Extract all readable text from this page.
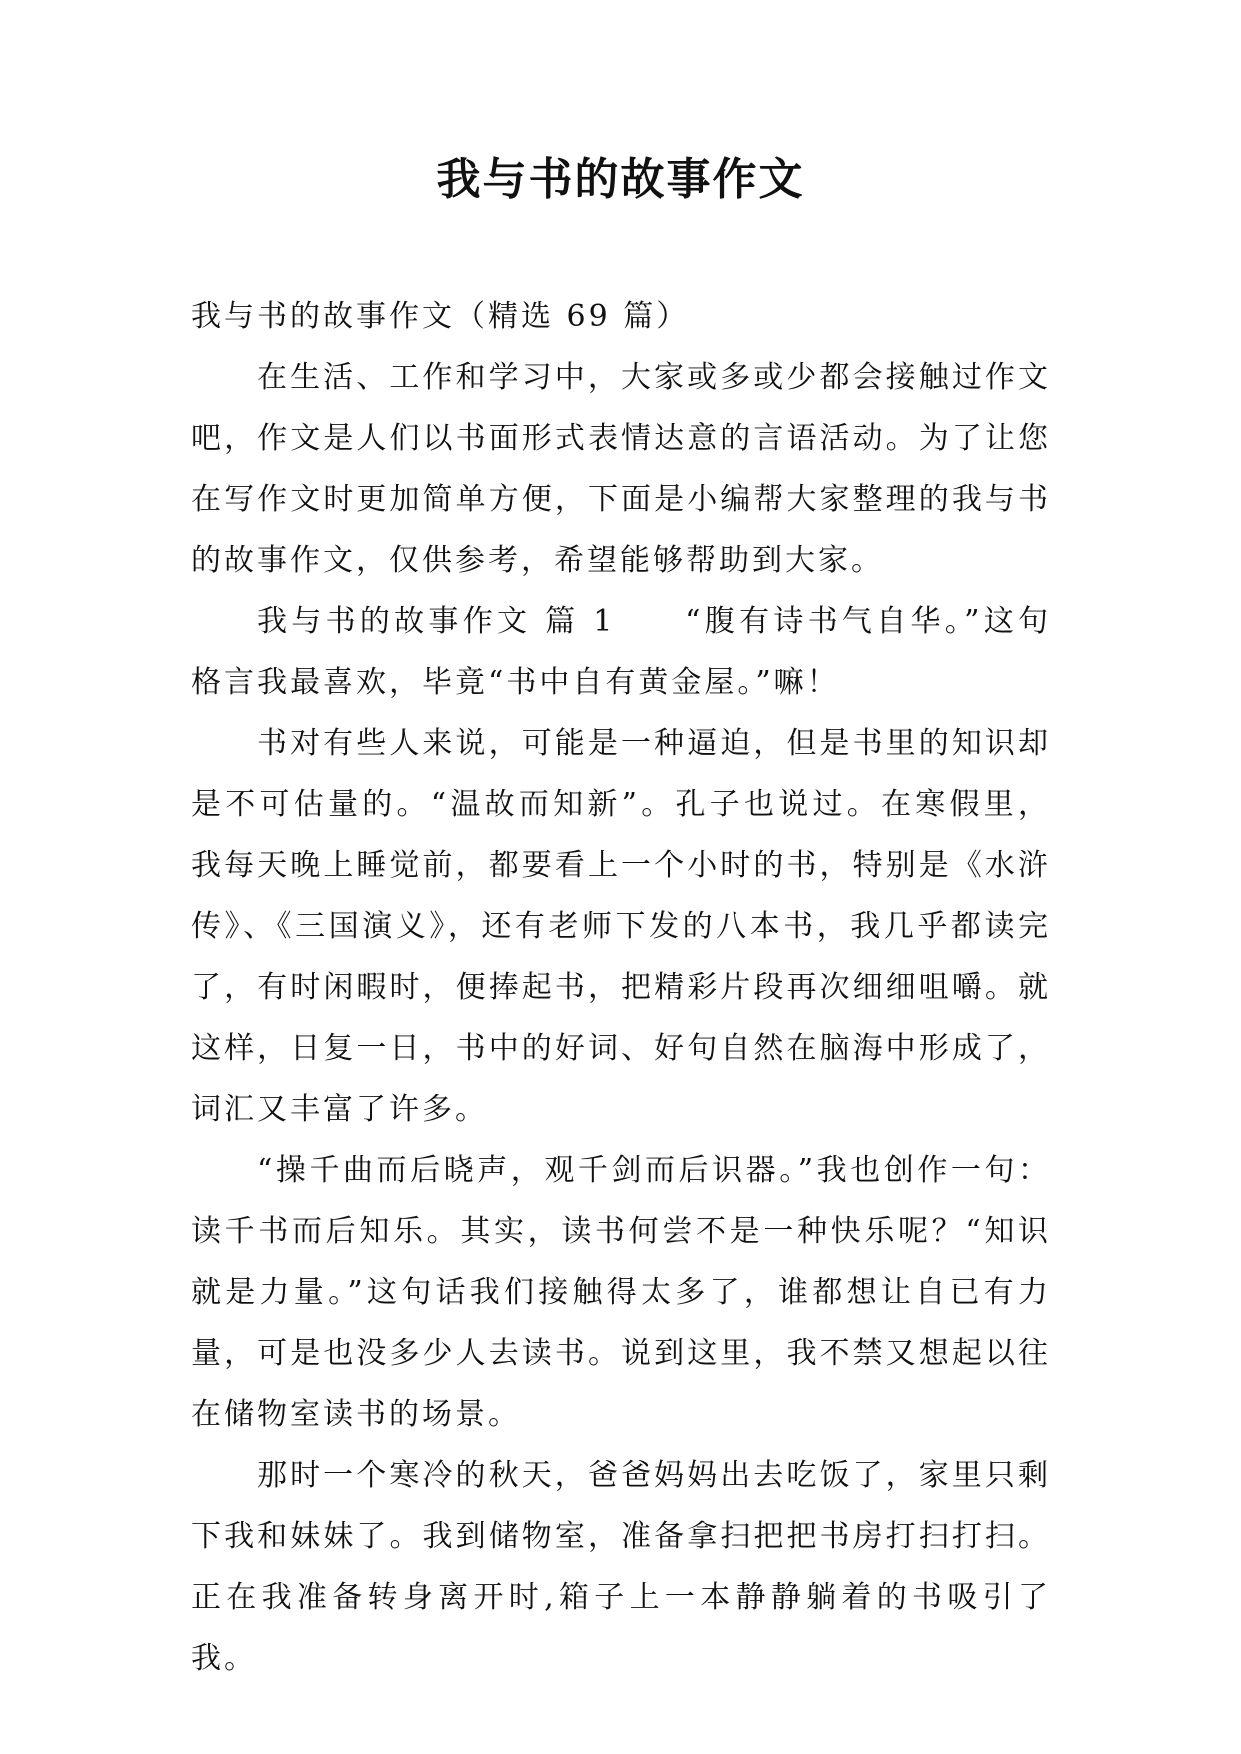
我与书的故事作文

我与书的故事作文（精选 69 篇）

在生活、工作和学习中，大家或多或少都会接触过作文吧，作文是人们以书面形式表情达意的言语活动。为了让您在写作文时更加简单方便，下面是小编帮大家整理的我与书的故事作文，仅供参考，希望能够帮助到大家。

我与书的故事作文 篇 1　　“腹有诗书气自华。”这句格言我最喜欢，毕竟“书中自有黄金屋。”嘛！

书对有些人来说，可能是一种逼迫，但是书里的知识却是不可估量的。“温故而知新”。孔子也说过。在寒假里，我每天晚上睡觉前，都要看上一个小时的书，特别是《水浒传》、《三国演义》，还有老师下发的八本书，我几乎都读完了，有时闲暇时，便捧起书，把精彩片段再次细细咀嚼。就这样，日复一日，书中的好词、好句自然在脑海中形成了，词汇又丰富了许多。

“操千曲而后晓声，观千剑而后识器。”我也创作一句：读千书而后知乐。其实，读书何尝不是一种快乐呢？“知识就是力量。”这句话我们接触得太多了，谁都想让自已有力量，可是也没多少人去读书。说到这里，我不禁又想起以往在储物室读书的场景。

那时一个寒冷的秋天，爸爸妈妈出去吃饭了，家里只剩下我和妹妹了。我到储物室，准备拿扫把把书房打扫打扫。正在我准备转身离开时,箱子上一本静静躺着的书吸引了我。
